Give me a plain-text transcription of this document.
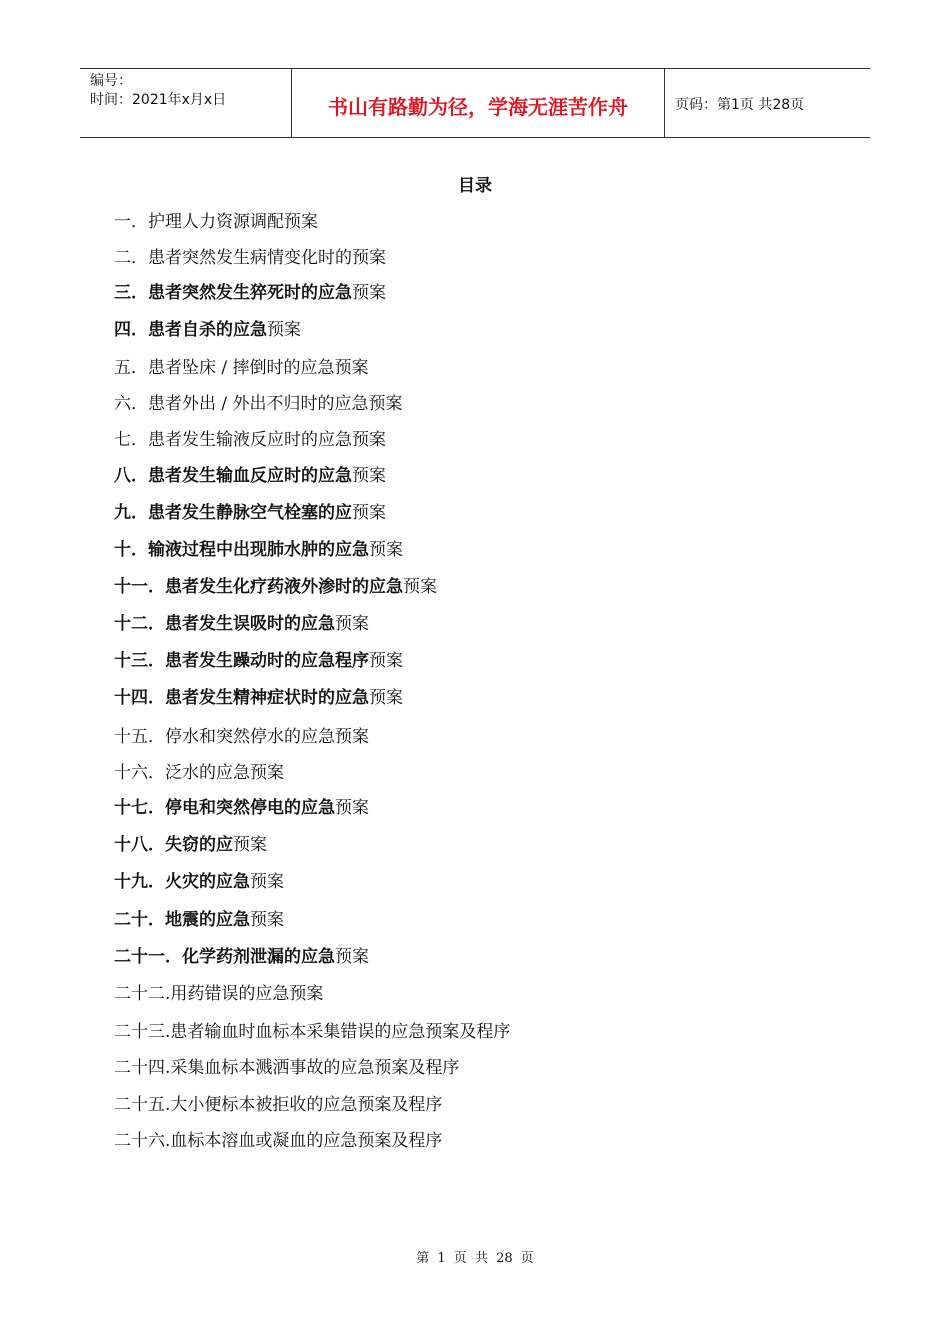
编号：
时间：2021年x月x日	书山有路勤为径，学海无涯苦作舟	页码：第1页 共28页
目录
一．护理人力资源调配预案
二．患者突然发生病情变化时的预案
三．患者突然发生猝死时的应急预案
四．患者自杀的应急预案
五．患者坠床 / 摔倒时的应急预案
六．患者外出 / 外出不归时的应急预案
七．患者发生输液反应时的应急预案
八．患者发生输血反应时的应急预案
九．患者发生静脉空气栓塞的应预案
十．输液过程中出现肺水肿的应急预案
十一．患者发生化疗药液外渗时的应急预案
十二．患者发生误吸时的应急预案
十三．患者发生躁动时的应急程序预案
十四．患者发生精神症状时的应急预案
十五．停水和突然停水的应急预案
十六．泛水的应急预案
十七．停电和突然停电的应急预案
十八．失窃的应预案
十九．火灾的应急预案
二十．地震的应急预案
二十一．化学药剂泄漏的应急预案
二十二.用药错误的应急预案
二十三.患者输血时血标本采集错误的应急预案及程序
二十四.采集血标本溅洒事故的应急预案及程序
二十五.大小便标本被拒收的应急预案及程序
二十六.血标本溶血或凝血的应急预案及程序
第 1 页 共 28 页
